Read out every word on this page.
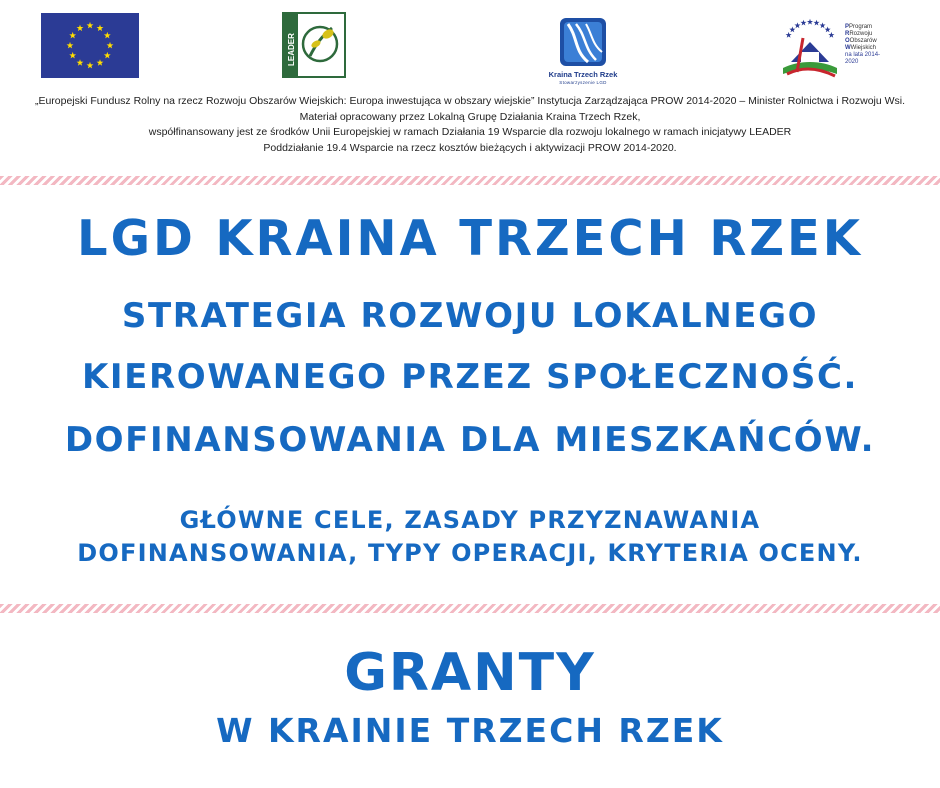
LEADER
Kraina Trzech Rzek
Stowarzyszenie LGD
PProgram
RRozwoju
OObszarów
WWiejskich
na lata 2014-2020
„Europejski Fundusz Rolny na rzecz Rozwoju Obszarów Wiejskich: Europa inwestująca w obszary wiejskie” Instytucja Zarządzająca PROW 2014-2020 – Minister Rolnictwa i Rozwoju Wsi.
Materiał opracowany przez Lokalną Grupę Działania Kraina Trzech Rzek,
współfinansowany jest ze środków Unii Europejskiej w ramach Działania 19 Wsparcie dla rozwoju lokalnego w ramach inicjatywy LEADER
Poddziałanie 19.4 Wsparcie na rzecz kosztów bieżących i aktywizacji PROW 2014-2020.
LGD KRAINA TRZECH RZEK
STRATEGIA ROZWOJU LOKALNEGO
KIEROWANEGO PRZEZ SPOŁECZNOŚĆ.
DOFINANSOWANIA DLA MIESZKAŃCÓW.
GŁÓWNE CELE, ZASADY PRZYZNAWANIA
DOFINANSOWANIA, TYPY OPERACJI, KRYTERIA OCENY.
GRANTY
W KRAINIE TRZECH RZEK
